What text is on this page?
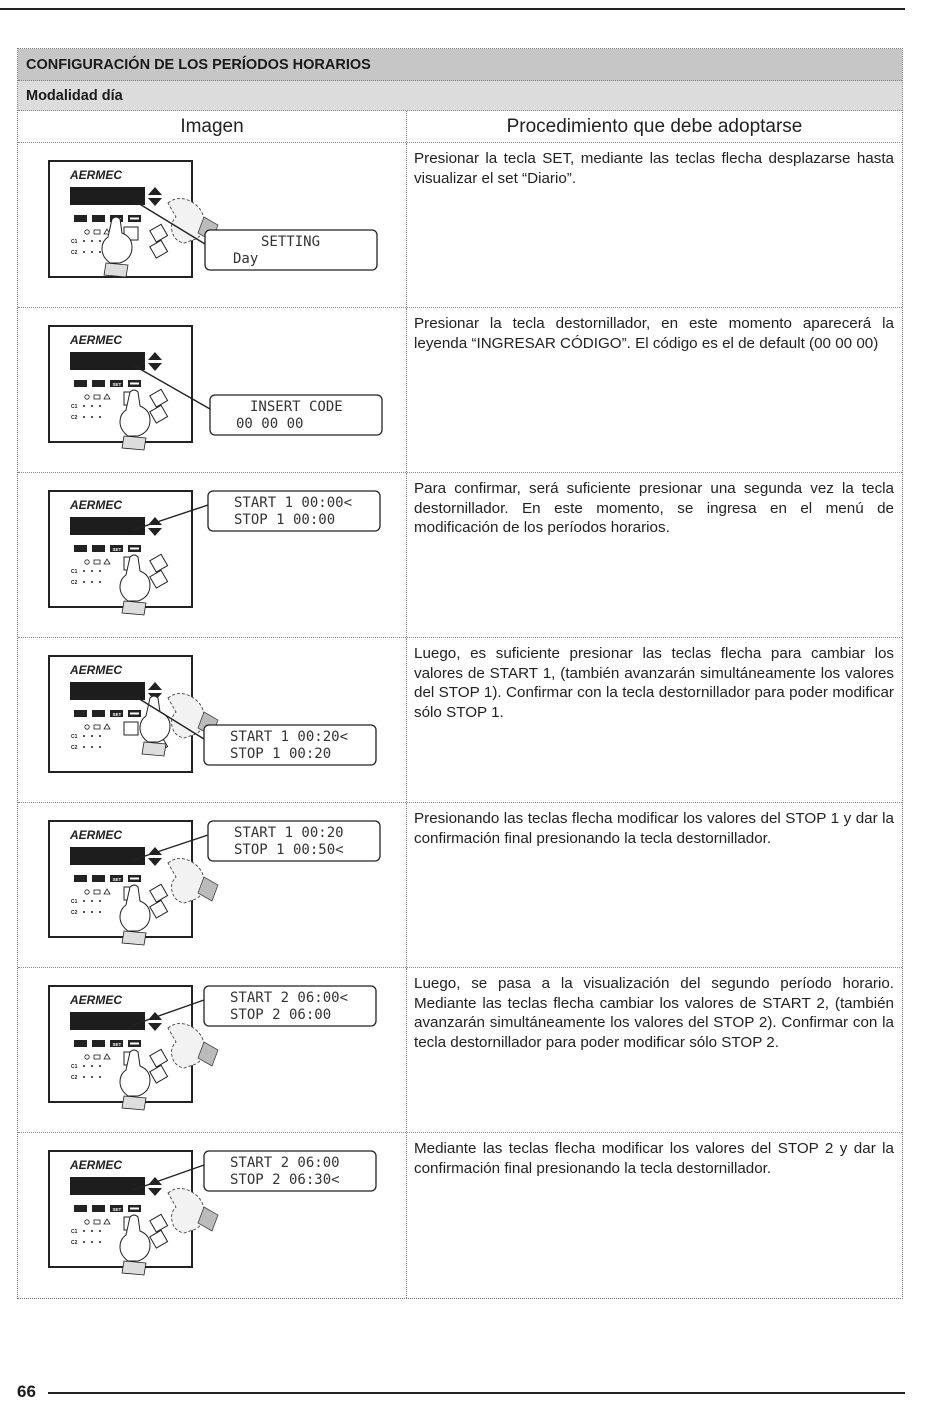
CONFIGURACIÓN DE LOS PERÍODOS HORARIOS
Modalidad día
Imagen	Procedimiento que debe adoptarse
AERMEC
C1
C2
SETTING
Day
Presionar la tecla SET, mediante las teclas flecha desplazarse hasta visualizar el set “Diario”.
AERMEC
SET
C1
C2
INSERT CODE
00 00 00
Presionar la tecla destornillador, en este momento aparecerá la leyenda “INGRESAR CÓDIGO”. El código es el de default (00 00 00)
AERMEC
SET
C1
C2
START 1 00:00<
STOP 1 00:00
Para confirmar, será suficiente presionar una segunda vez la tecla destornillador. En este momento, se ingresa en el menú de modificación de los períodos horarios.
AERMEC
SET
C1
C2
START 1 00:20<
STOP 1 00:20
Luego, es suficiente presionar las teclas flecha para cambiar los valores de START 1, (también avanzarán simultáneamente los valores del STOP 1). Confirmar con la tecla destornillador para poder modificar sólo STOP 1.
AERMEC
SET
C1
C2
START 1 00:20
STOP 1 00:50<
Presionando las teclas flecha modificar los valores del STOP 1 y dar la confirmación final presionando la tecla destornillador.
AERMEC
SET
C1
C2
START 2 06:00<
STOP 2 06:00
Luego, se pasa a la visualización del segundo período horario. Mediante las teclas flecha cambiar los valores de START 2, (también avanzarán simultáneamente los valores del STOP 2). Confirmar con la tecla destornillador para poder modificar sólo STOP 2.
AERMEC
SET
C1
C2
START 2 06:00
STOP 2 06:30<
Mediante las teclas flecha modificar los valores del STOP 2 y dar la confirmación final presionando la tecla destornillador.
66
